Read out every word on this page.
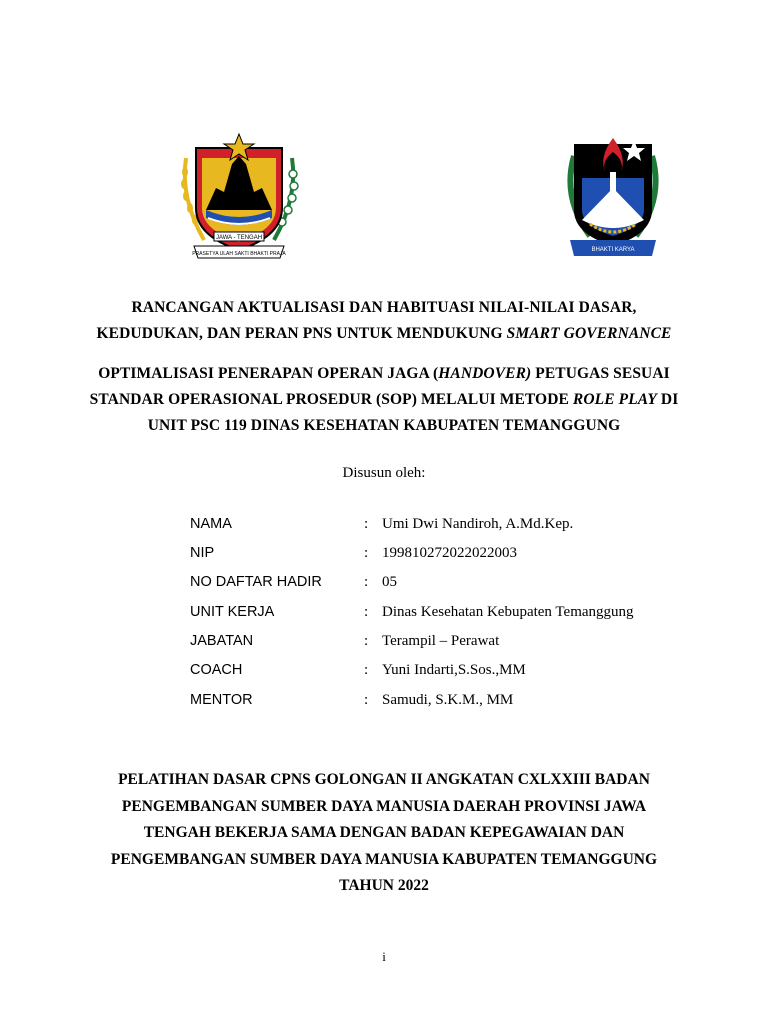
JAWA - TENGAH
PRASETYA ULAH SAKTI BHAKTI PRAJA
BHAKTI KARYA
RANCANGAN AKTUALISASI DAN HABITUASI NILAI-NILAI DASAR,
KEDUDUKAN, DAN PERAN PNS UNTUK MENDUKUNG SMART GOVERNANCE
OPTIMALISASI PENERAPAN OPERAN JAGA (HANDOVER) PETUGAS SESUAI
STANDAR OPERASIONAL PROSEDUR (SOP) MELALUI METODE ROLE PLAY DI
UNIT PSC 119 DINAS KESEHATAN KABUPATEN TEMANGGUNG
Disusun oleh:
NAMA	: Umi Dwi Nandiroh, A.Md.Kep.
NIP	: 199810272022022003
NO DAFTAR HADIR	: 05
UNIT KERJA	: Dinas Kesehatan Kebupaten Temanggung
JABATAN	: Terampil – Perawat
COACH	: Yuni Indarti,S.Sos.,MM
MENTOR	: Samudi, S.K.M., MM
PELATIHAN DASAR CPNS GOLONGAN II ANGKATAN CXLXXIII BADAN
PENGEMBANGAN SUMBER DAYA MANUSIA DAERAH PROVINSI JAWA
TENGAH BEKERJA SAMA DENGAN BADAN KEPEGAWAIAN DAN
PENGEMBANGAN SUMBER DAYA MANUSIA KABUPATEN TEMANGGUNG
TAHUN 2022
i
